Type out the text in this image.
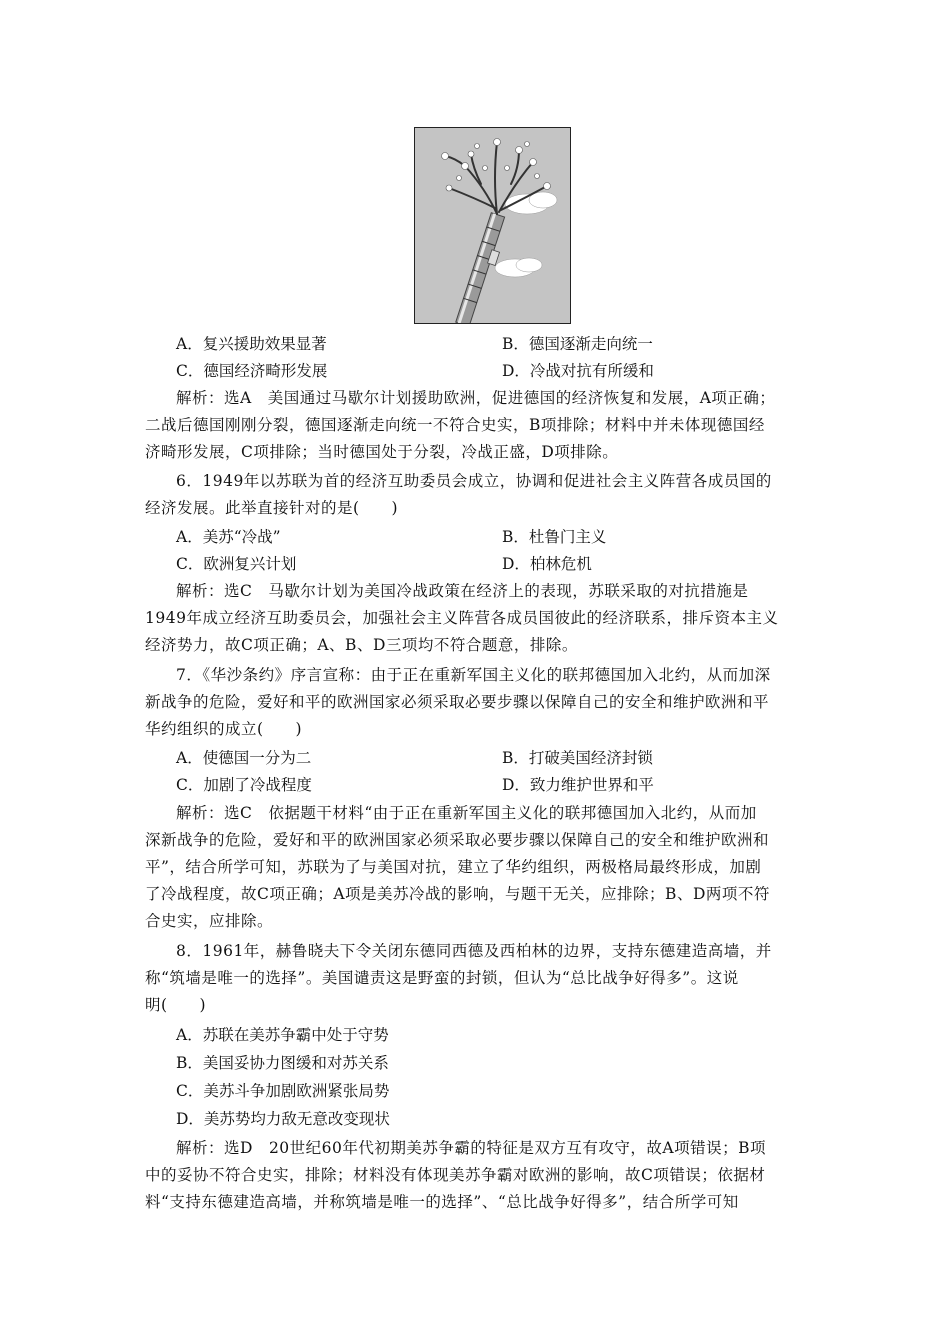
A．复兴援助效果显著	B．德国逐渐走向统一
C．德国经济畸形发展	D．冷战对抗有所缓和
解析：选A　美国通过马歇尔计划援助欧洲，促进德国的经济恢复和发展，A项正确；
二战后德国刚刚分裂，德国逐渐走向统一不符合史实，B项排除；材料中并未体现德国经
济畸形发展，C项排除；当时德国处于分裂，冷战正盛，D项排除。
6．1949年以苏联为首的经济互助委员会成立，协调和促进社会主义阵营各成员国的
经济发展。此举直接针对的是(　　)
A．美苏“冷战”	B．杜鲁门主义
C．欧洲复兴计划	D．柏林危机
解析：选C　马歇尔计划为美国冷战政策在经济上的表现，苏联采取的对抗措施是
1949年成立经济互助委员会，加强社会主义阵营各成员国彼此的经济联系，排斥资本主义
经济势力，故C项正确；A、B、D三项均不符合题意，排除。
7．《华沙条约》序言宣称：由于正在重新军国主义化的联邦德国加入北约，从而加深
新战争的危险，爱好和平的欧洲国家必须采取必要步骤以保障自己的安全和维护欧洲和平
华约组织的成立(　　)
A．使德国一分为二	B．打破美国经济封锁
C．加剧了冷战程度	D．致力维护世界和平
解析：选C　依据题干材料“由于正在重新军国主义化的联邦德国加入北约，从而加
深新战争的危险，爱好和平的欧洲国家必须采取必要步骤以保障自己的安全和维护欧洲和
平”，结合所学可知，苏联为了与美国对抗，建立了华约组织，两极格局最终形成，加剧
了冷战程度，故C项正确；A项是美苏冷战的影响，与题干无关，应排除；B、D两项不符
合史实，应排除。
8．1961年，赫鲁晓夫下令关闭东德同西德及西柏林的边界，支持东德建造高墙，并
称“筑墙是唯一的选择”。美国谴责这是野蛮的封锁，但认为“总比战争好得多”。这说
明(　　)
A．苏联在美苏争霸中处于守势
B．美国妥协力图缓和对苏关系
C．美苏斗争加剧欧洲紧张局势
D．美苏势均力敌无意改变现状
解析：选D　20世纪60年代初期美苏争霸的特征是双方互有攻守，故A项错误；B项
中的妥协不符合史实，排除；材料没有体现美苏争霸对欧洲的影响，故C项错误；依据材
料“支持东德建造高墙，并称筑墙是唯一的选择”、“总比战争好得多”，结合所学可知
